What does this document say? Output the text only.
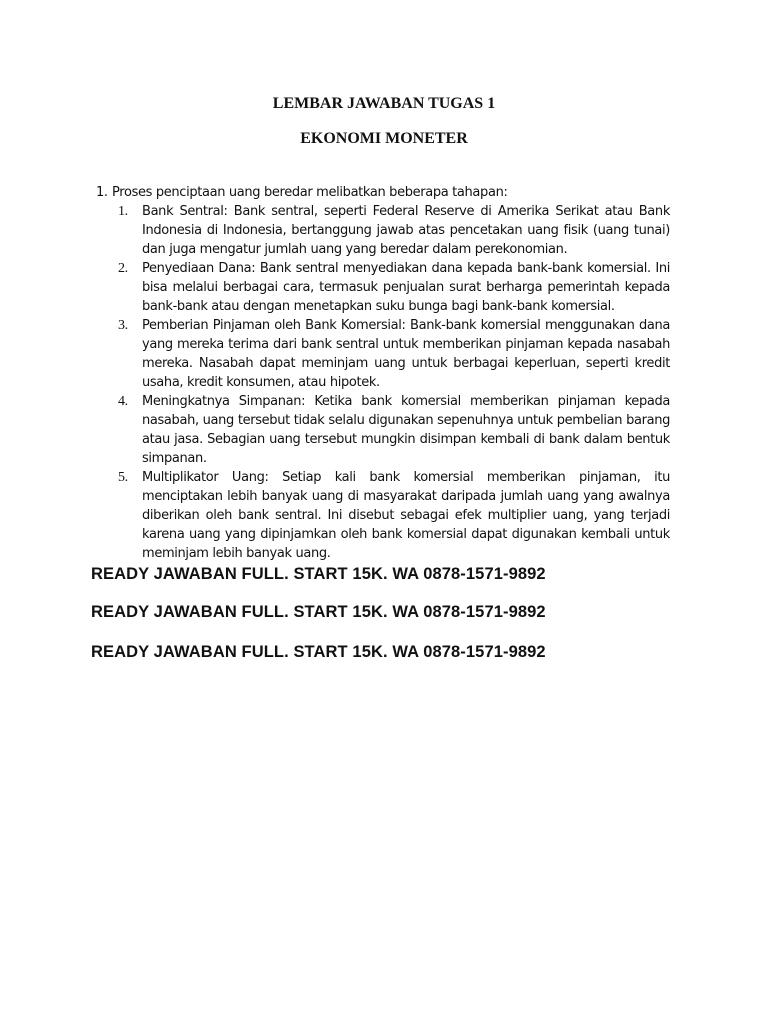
LEMBAR JAWABAN TUGAS 1
EKONOMI MONETER
1. Proses penciptaan uang beredar melibatkan beberapa tahapan:
1.	Bank Sentral: Bank sentral, seperti Federal Reserve di Amerika Serikat atau Bank Indonesia di Indonesia, bertanggung jawab atas pencetakan uang fisik (uang tunai) dan juga mengatur jumlah uang yang beredar dalam perekonomian.
2.	Penyediaan Dana: Bank sentral menyediakan dana kepada bank-bank komersial. Ini bisa melalui berbagai cara, termasuk penjualan surat berharga pemerintah kepada bank-bank atau dengan menetapkan suku bunga bagi bank-bank komersial.
3.	Pemberian Pinjaman oleh Bank Komersial: Bank-bank komersial menggunakan dana yang mereka terima dari bank sentral untuk memberikan pinjaman kepada nasabah mereka. Nasabah dapat meminjam uang untuk berbagai keperluan, seperti kredit usaha, kredit konsumen, atau hipotek.
4.	Meningkatnya Simpanan: Ketika bank komersial memberikan pinjaman kepada nasabah, uang tersebut tidak selalu digunakan sepenuhnya untuk pembelian barang atau jasa. Sebagian uang tersebut mungkin disimpan kembali di bank dalam bentuk simpanan.
5.	Multiplikator Uang: Setiap kali bank komersial memberikan pinjaman, itu menciptakan lebih banyak uang di masyarakat daripada jumlah uang yang awalnya diberikan oleh bank sentral. Ini disebut sebagai efek multiplier uang, yang terjadi karena uang yang dipinjamkan oleh bank komersial dapat digunakan kembali untuk meminjam lebih banyak uang.

READY JAWABAN FULL. START 15K. WA 0878-1571-9892

READY JAWABAN FULL. START 15K. WA 0878-1571-9892

READY JAWABAN FULL. START 15K. WA 0878-1571-9892
